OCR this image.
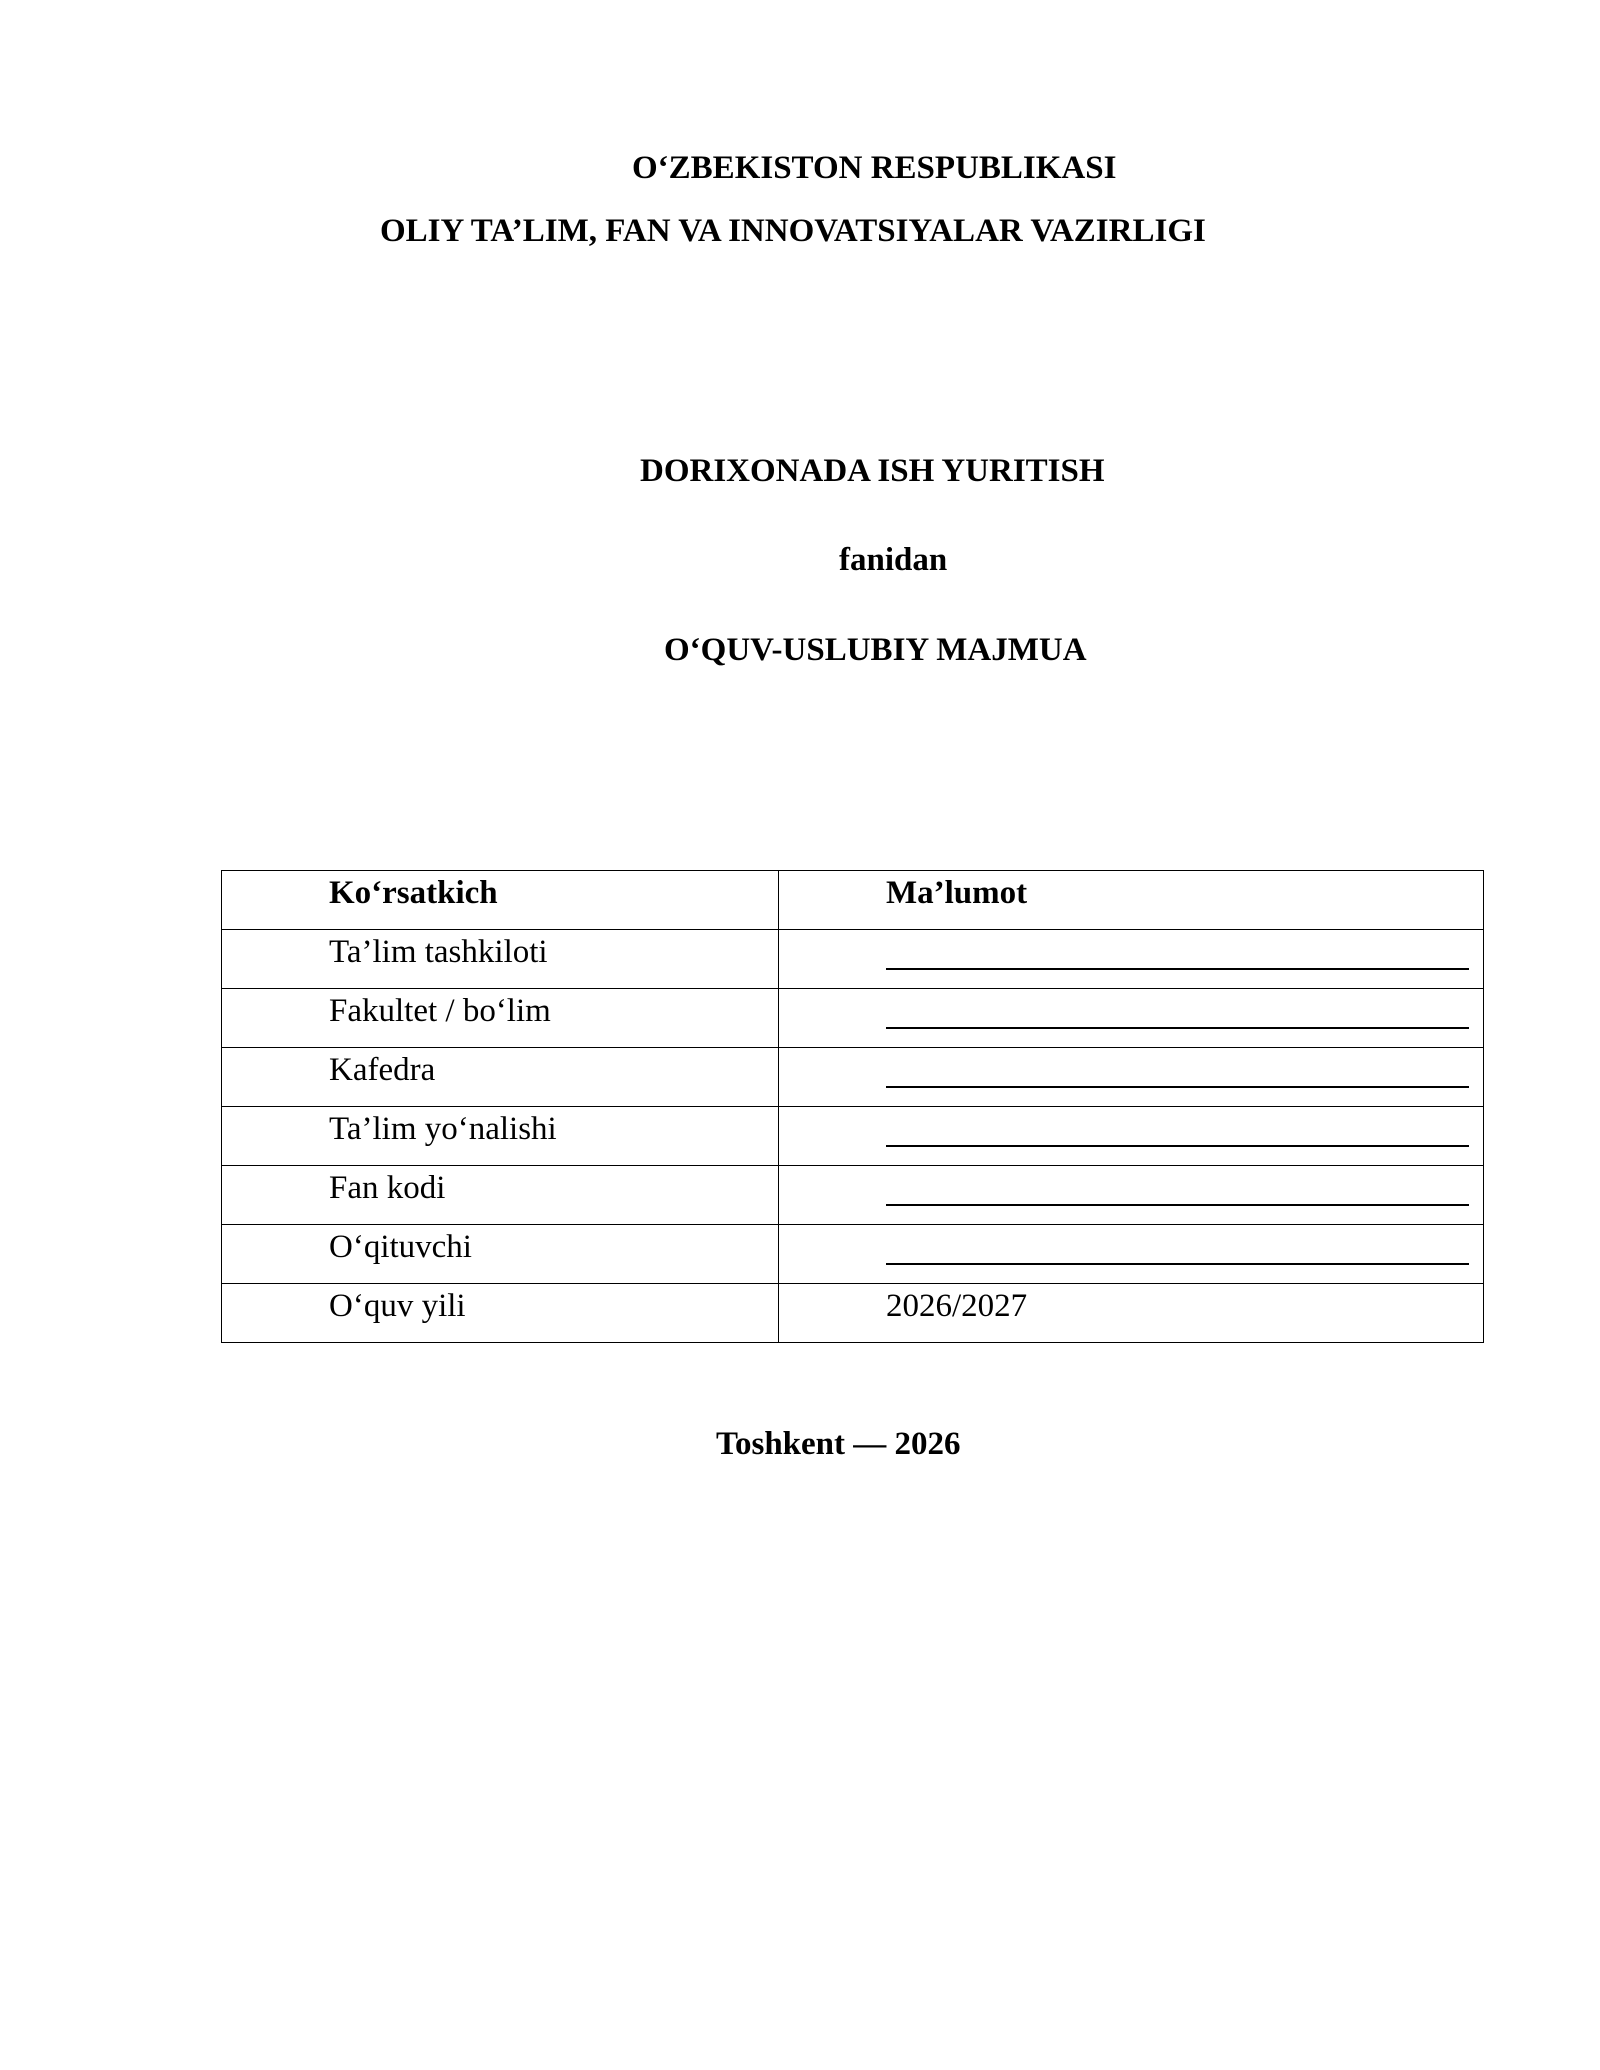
O‘ZBEKISTON RESPUBLIKASI
OLIY TA’LIM, FAN VA INNOVATSIYALAR VAZIRLIGI
DORIXONADA ISH YURITISH
fanidan
O‘QUV-USLUBIY MAJMUA
Ko‘rsatkich	Ma’lumot

Ta’lim tashkiloti	

Fakultet / bo‘lim	

Kafedra	

Ta’lim yo‘nalishi	

Fan kodi	

O‘qituvchi	

O‘quv yili	2026/2027
Toshkent — 2026
